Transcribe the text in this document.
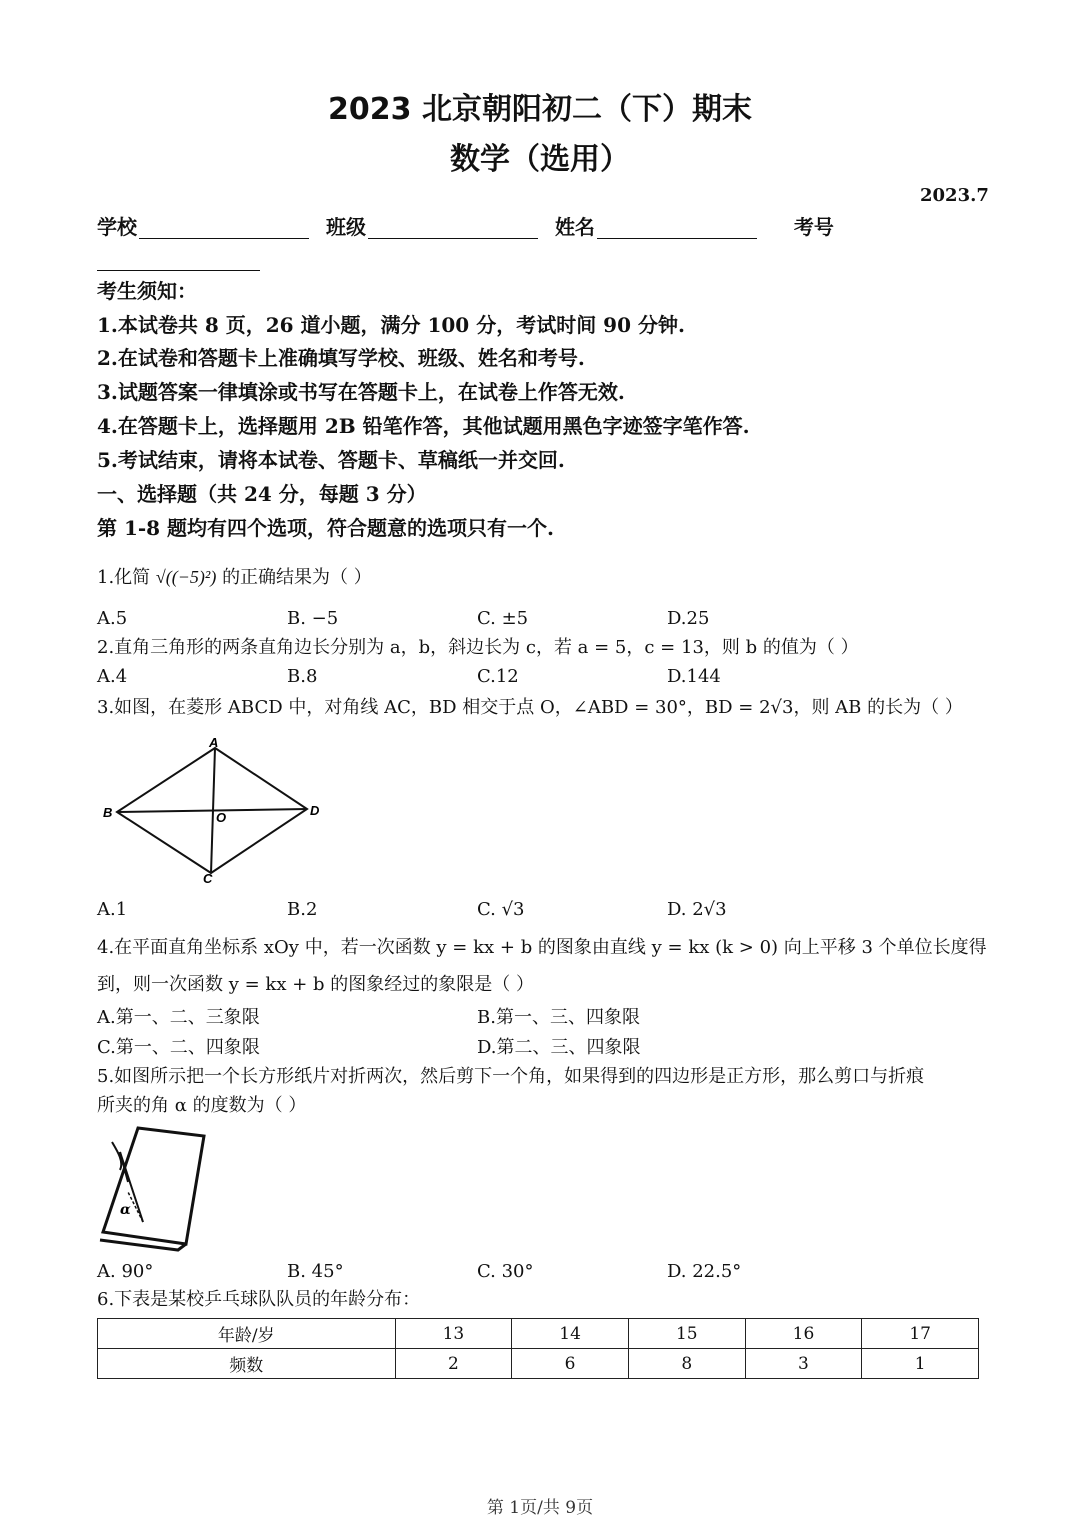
2023 北京朝阳初二（下）期末
数学（选用）
2023.7
学校	班级	姓名	考号
考生须知：
1.本试卷共 8 页，26 道小题，满分 100 分，考试时间 90 分钟.
2.在试卷和答题卡上准确填写学校、班级、姓名和考号.
3.试题答案一律填涂或书写在答题卡上，在试卷上作答无效.
4.在答题卡上，选择题用 2B 铅笔作答，其他试题用黑色字迹签字笔作答.
5.考试结束，请将本试卷、答题卡、草稿纸一并交回.
一、选择题（共 24 分，每题 3 分）
第 1-8 题均有四个选项，符合题意的选项只有一个.
1.化简 √((−5)²) 的正确结果为（ ）
A.5	B. −5	C. ±5	D.25
2.直角三角形的两条直角边长分别为 a，b，斜边长为 c，若 a = 5，c = 13，则 b 的值为（ ）
A.4	B.8	C.12	D.144
3.如图，在菱形 ABCD 中，对角线 AC，BD 相交于点 O，∠ABD = 30°，BD = 2√3，则 AB 的长为（ ）
A
B
C
D
O
A.1	B.2	C. √3	D. 2√3
4.在平面直角坐标系 xOy 中，若一次函数 y = kx + b 的图象由直线 y = kx (k > 0) 向上平移 3 个单位长度得
到，则一次函数 y = kx + b 的图象经过的象限是（ ）
A.第一、二、三象限	B.第一、三、四象限
C.第一、二、四象限	D.第二、三、四象限
5.如图所示把一个长方形纸片对折两次，然后剪下一个角，如果得到的四边形是正方形，那么剪口与折痕
所夹的角 α 的度数为（ ）
α
A. 90°	B. 45°	C. 30°	D. 22.5°
6.下表是某校乒乓球队队员的年龄分布：
年龄/岁	13	14	15	16	17
频数	2	6	8	3	1
第 1页/共 9页
